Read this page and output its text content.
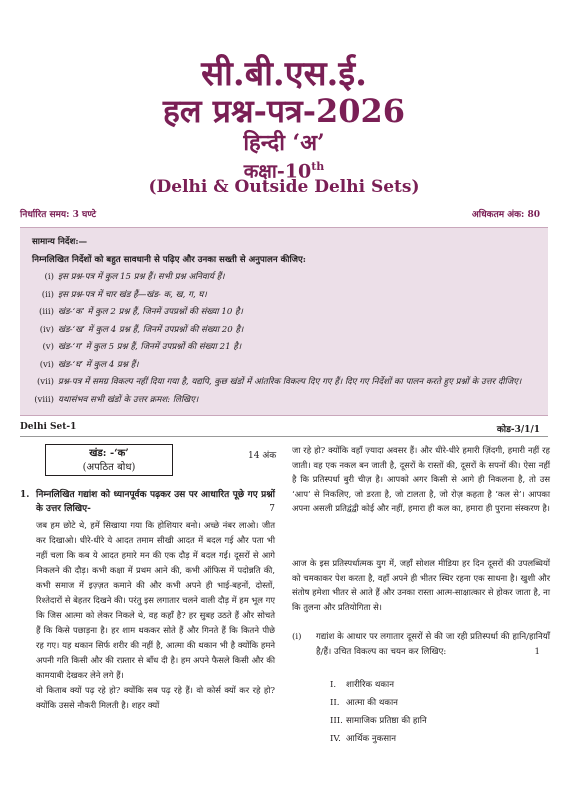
सी.बी.एस.ई.
हल प्रश्न-पत्र-2026
हिन्दी ‘अ’
कक्षा-10th
(Delhi & Outside Delhi Sets)
निर्धारित समय: 3 घण्टे	अधिकतम अंक: 80
सामान्य निर्देश:—
निम्नलिखित निर्देशों को बहुत सावधानी से पढ़िए और उनका सख्ती से अनुपालन कीजिए:
(i) इस प्रश्न-पत्र में कुल 15 प्रश्न हैं। सभी प्रश्न अनिवार्य हैं।
(ii) इस प्रश्न-पत्र में चार खंड हैं—खंड- क, ख, ग, घ।
(iii) खंड-‘क’ में कुल 2 प्रश्न हैं, जिनमें उपप्रश्नों की संख्या 10 है।
(iv) खंड-‘ख’ में कुल 4 प्रश्न हैं, जिनमें उपप्रश्नों की संख्या 20 है।
(v) खंड-‘ग’ में कुल 5 प्रश्न हैं, जिनमें उपप्रश्नों की संख्या 21 है।
(vi) खंड-‘घ’ में कुल 4 प्रश्न हैं।
(vii) प्रश्न-पत्र में समग्र विकल्प नहीं दिया गया है, यद्यपि, कुछ खंडों में आंतरिक विकल्प दिए गए हैं। दिए गए निर्देशों का पालन करते हुए प्रश्नों के उत्तर दीजिए।
(viii) यथासंभव सभी खंडों के उत्तर क्रमश: लिखिए।
Delhi Set-1	कोड-3/1/1
खंड: -‘क’
(अपठित बोध)
14 अंक
1. निम्नलिखित गद्यांश को ध्यानपूर्वक पढ़कर उस पर आधारित पूछे गए प्रश्नों के उत्तर लिखिए-	7
जब हम छोटे थे, हमें सिखाया गया कि होशियार बनो। अच्छे नंबर लाओ। जीत कर दिखाओ। धीरे-धीरे ये आदत तमाम सीखी आदत में बदल गई और पता भी नहीं चला कि कब ये आदत हमारे मन की एक दौड़ में बदल गई। दूसरों से आगे निकलने की दौड़। कभी कक्षा में प्रथम आने की, कभी ऑफिस में पदोन्नति की, कभी समाज में इज़्ज़त कमाने की और कभी अपने ही भाई-बहनों, दोस्तों, रिश्तेदारों से बेहतर दिखने की। परंतु इस लगातार चलने वाली दौड़ में हम भूल गए कि जिस आत्मा को लेकर निकले थे, वह कहाँ है? हर सुबह उठते हैं और सोचते हैं कि किसे पछाड़ना है। हर शाम थककर सोते हैं और गिनते हैं कि कितने पीछे रह गए। यह थकान सिर्फ शरीर की नहीं है, आत्मा की थकान भी है क्योंकि हमने अपनी गति किसी और की रफ़्तार से बाँध दी है। हम अपने फैसले किसी और की कामयाबी देखकर लेने लगे हैं।
वो किताब क्यों पढ़ रहे हो? क्योंकि सब पढ़ रहे हैं। वो कोर्स क्यों कर रहे हो? क्योंकि उससे नौकरी मिलती है। शहर क्यों
जा रहे हो? क्योंकि वहाँ ज़्यादा अवसर हैं। और धीरे-धीरे हमारी ज़िंदगी, हमारी नहीं रह जाती। वह एक नकल बन जाती है, दूसरों के रास्तों की, दूसरों के सपनों की। ऐसा नहीं है कि प्रतिस्पर्धा बुरी चीज़ है। आपको अगर किसी से आगे ही निकलना है, तो उस ‘आप’ से निकलिए, जो डरता है, जो टालता है, जो रोज़ कहता है ‘कल से’। आपका अपना असली प्रतिद्वंद्वी कोई और नहीं, हमारा ही कल का, हमारा ही पुराना संस्करण है।
आज के इस प्रतिस्पर्धात्मक युग में, जहाँ सोशल मीडिया हर दिन दूसरों की उपलब्धियों को चमकाकर पेश करता है, वहाँ अपने ही भीतर स्थिर रहना एक साधना है। खुशी और संतोष हमेशा भीतर से आते हैं और उनका रास्ता आत्म-साक्षात्कार से होकर जाता है, ना कि तुलना और प्रतियोगिता से।
(i)	गद्यांश के आधार पर लगातार दूसरों से की जा रही प्रतिस्पर्धा की हानि/हानियाँ है/हैं। उचित विकल्प का चयन कर लिखिए:	1
I. शारीरिक थकान
II. आत्मा की थकान
III. सामाजिक प्रतिष्ठा की हानि
IV. आर्थिक नुकसान
